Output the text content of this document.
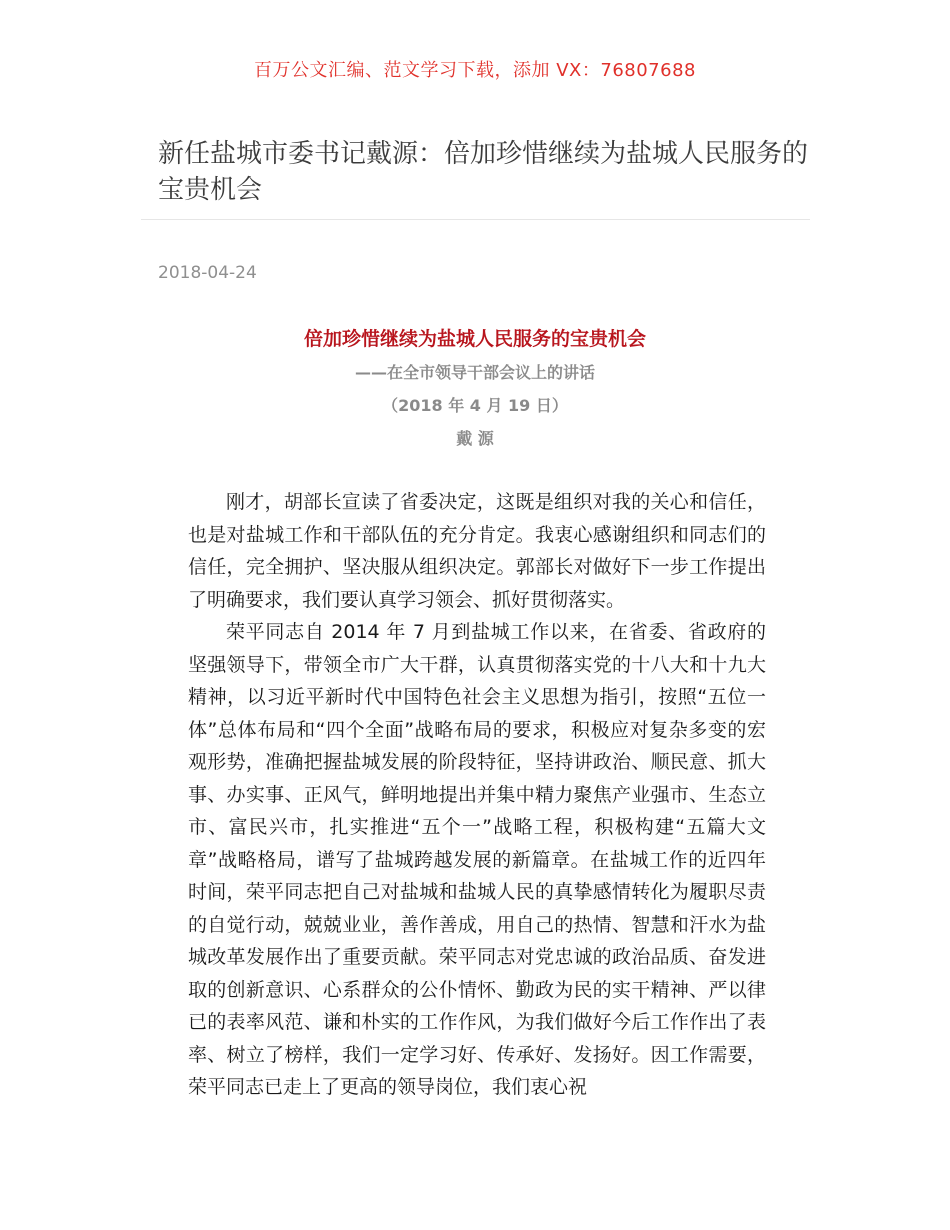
百万公文汇编、范文学习下载，添加 VX：76807688
新任盐城市委书记戴源：倍加珍惜继续为盐城人民服务的宝贵机会
2018-04-24
倍加珍惜继续为盐城人民服务的宝贵机会
——在全市领导干部会议上的讲话
（2018 年 4 月 19 日）
戴 源

刚才，胡部长宣读了省委决定，这既是组织对我的关心和信任，也是对盐城工作和干部队伍的充分肯定。我衷心感谢组织和同志们的信任，完全拥护、坚决服从组织决定。郭部长对做好下一步工作提出了明确要求，我们要认真学习领会、抓好贯彻落实。

荣平同志自 2014 年 7 月到盐城工作以来，在省委、省政府的坚强领导下，带领全市广大干群，认真贯彻落实党的十八大和十九大精神，以习近平新时代中国特色社会主义思想为指引，按照“五位一体”总体布局和“四个全面”战略布局的要求，积极应对复杂多变的宏观形势，准确把握盐城发展的阶段特征，坚持讲政治、顺民意、抓大事、办实事、正风气，鲜明地提出并集中精力聚焦产业强市、生态立市、富民兴市，扎实推进“五个一”战略工程，积极构建“五篇大文章”战略格局，谱写了盐城跨越发展的新篇章。在盐城工作的近四年时间，荣平同志把自己对盐城和盐城人民的真挚感情转化为履职尽责的自觉行动，兢兢业业，善作善成，用自己的热情、智慧和汗水为盐城改革发展作出了重要贡献。荣平同志对党忠诚的政治品质、奋发进取的创新意识、心系群众的公仆情怀、勤政为民的实干精神、严以律已的表率风范、谦和朴实的工作作风，为我们做好今后工作作出了表率、树立了榜样，我们一定学习好、传承好、发扬好。因工作需要，荣平同志已走上了更高的领导岗位，我们衷心祝
